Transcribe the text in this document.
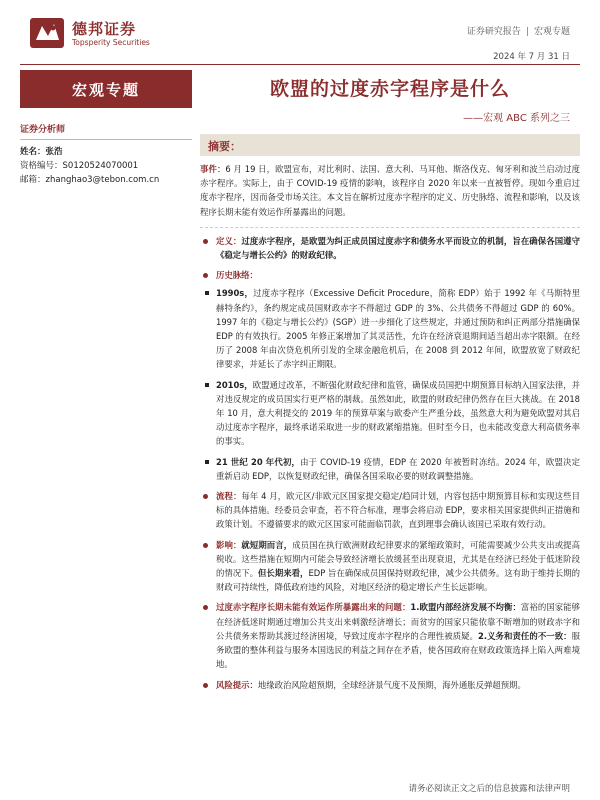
德邦证券
Topsperity Securities
证券研究报告 | 宏观专题
2024 年 7 月 31 日
宏观专题	欧盟的过度赤字程序是什么
——宏观 ABC 系列之三
证券分析师
姓名：张浩
资格编号：S0120524070001
邮箱：zhanghao3@tebon.com.cn
摘要：

事件：6 月 19 日，欧盟宣布，对比利时、法国、意大利、马耳他、斯洛伐克、匈牙利和波兰启动过度赤字程序。实际上，由于 COVID-19 疫情的影响，该程序自 2020 年以来一直被暂停。现如今重启过度赤字程序，因而备受市场关注。本文旨在解析过度赤字程序的定义、历史脉络、流程和影响，以及该程序长期未能有效运作所暴露出的问题。

定义：过度赤字程序，是欧盟为纠正成员国过度赤字和债务水平而设立的机制，旨在确保各国遵守《稳定与增长公约》的财政纪律。

历史脉络：

1990s，过度赤字程序（Excessive Deficit Procedure，简称 EDP）始于 1992 年《马斯特里赫特条约》，条约规定成员国财政赤字不得超过 GDP 的 3%、公共债务不得超过 GDP 的 60%。1997 年的《稳定与增长公约》(SGP）进一步细化了这些规定，并通过预防和纠正两部分措施确保 EDP 的有效执行。2005 年修正案增加了其灵活性，允许在经济衰退期间适当超出赤字限额。在经历了 2008 年由次贷危机所引发的全球金融危机后，在 2008 到 2012 年间，欧盟放宽了财政纪律要求，并延长了赤字纠正期限。

2010s，欧盟通过改革，不断强化财政纪律和监管，确保成员国把中期预算目标纳入国家法律，并对违反规定的成员国实行更严格的制裁。虽然如此，欧盟的财政纪律仍然存在巨大挑战。在 2018 年 10 月，意大利提交的 2019 年的预算草案与欧委产生严重分歧，虽然意大利为避免欧盟对其启动过度赤字程序，最终承诺采取进一步的财政紧缩措施。但时至今日，也未能改变意大利高债务率的事实。

21 世纪 20 年代初，由于 COVID-19 疫情，EDP 在 2020 年被暂时冻结。2024 年，欧盟决定重新启动 EDP，以恢复财政纪律，确保各国采取必要的财政调整措施。

流程：每年 4 月，欧元区/非欧元区国家提交稳定/趋同计划，内容包括中期预算目标和实现这些目标的具体措施。经委员会审查，若不符合标准，理事会将启动 EDP，要求相关国家提供纠正措施和政策计划。不遵循要求的欧元区国家可能面临罚款，直到理事会确认该国已采取有效行动。

影响：就短期而言，成员国在执行欧洲财政纪律要求的紧缩政策时，可能需要减少公共支出或提高税收。这些措施在短期内可能会导致经济增长放缓甚至出现衰退，尤其是在经济已经处于低迷阶段的情况下。但长期来看，EDP 旨在确保成员国保持财政纪律，减少公共债务。这有助于维持长期的财政可持续性，降低政府违约风险，对地区经济的稳定增长产生长远影响。

过度赤字程序长期未能有效运作所暴露出来的问题：1.欧盟内部经济发展不均衡：富裕的国家能够在经济低迷时期通过增加公共支出来刺激经济增长；而贫穷的国家只能依靠不断增加的财政赤字和公共债务来帮助其渡过经济困境，导致过度赤字程序的合理性被质疑。2.义务和责任的不一致：服务欧盟的整体利益与服务本国选民的利益之间存在矛盾，使各国政府在财政政策选择上陷入两难境地。

风险提示：地缘政治风险超预期，全球经济景气度不及预期，海外通胀反弹超预期。

请务必阅读正文之后的信息披露和法律声明
